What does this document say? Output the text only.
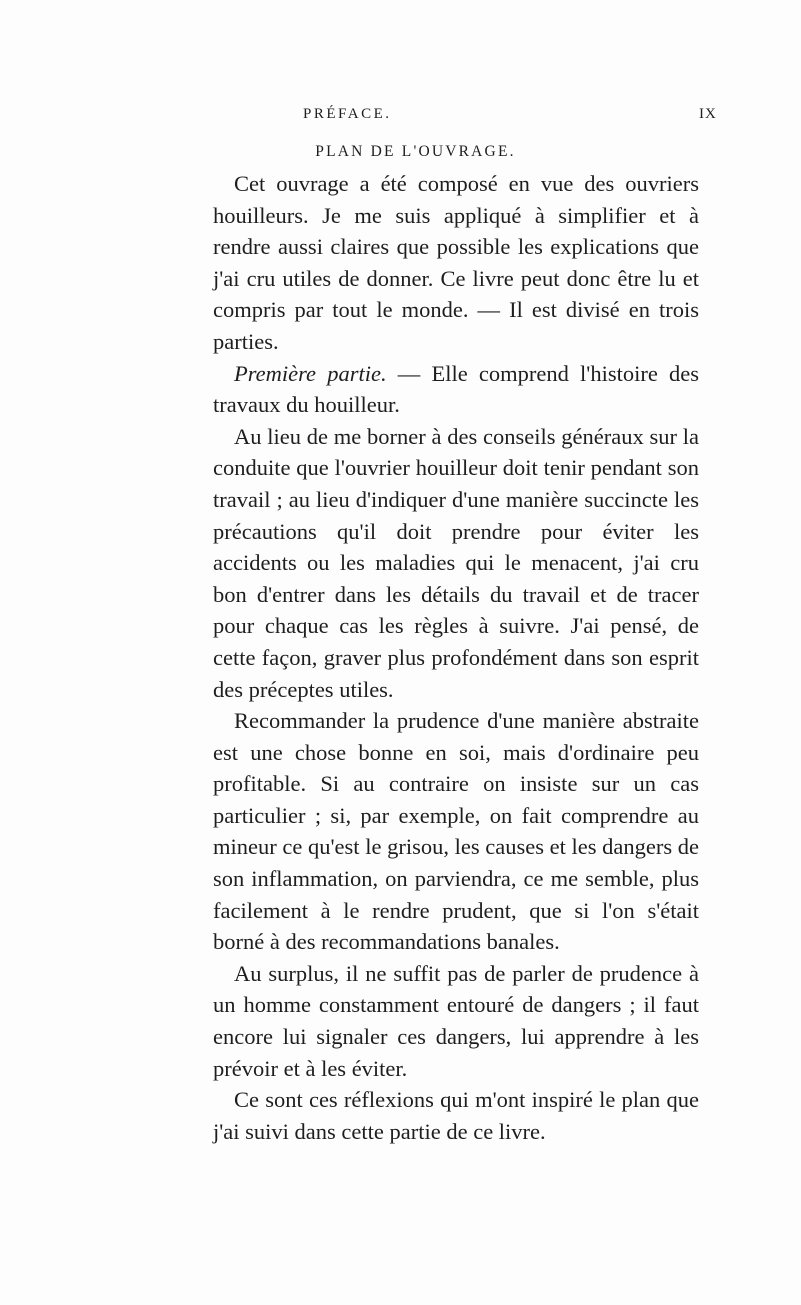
PRÉFACE.	IX
PLAN DE L'OUVRAGE.

Cet ouvrage a été composé en vue des ouvriers houilleurs. Je me suis appliqué à simplifier et à rendre aussi claires que possible les explications que j'ai cru utiles de donner. Ce livre peut donc être lu et compris par tout le monde. — Il est divisé en trois parties.

Première partie. — Elle comprend l'histoire des travaux du houilleur.

Au lieu de me borner à des conseils généraux sur la conduite que l'ouvrier houilleur doit tenir pendant son travail ; au lieu d'indiquer d'une manière succincte les précautions qu'il doit prendre pour éviter les accidents ou les maladies qui le menacent, j'ai cru bon d'entrer dans les détails du travail et de tracer pour chaque cas les règles à suivre. J'ai pensé, de cette façon, graver plus profondément dans son esprit des préceptes utiles.

Recommander la prudence d'une manière abstraite est une chose bonne en soi, mais d'ordinaire peu profitable. Si au contraire on insiste sur un cas particulier ; si, par exemple, on fait comprendre au mineur ce qu'est le grisou, les causes et les dangers de son inflammation, on parviendra, ce me semble, plus facilement à le rendre prudent, que si l'on s'était borné à des recommandations banales.

Au surplus, il ne suffit pas de parler de prudence à un homme constamment entouré de dangers ; il faut encore lui signaler ces dangers, lui apprendre à les prévoir et à les éviter.

Ce sont ces réflexions qui m'ont inspiré le plan que j'ai suivi dans cette partie de ce livre.
